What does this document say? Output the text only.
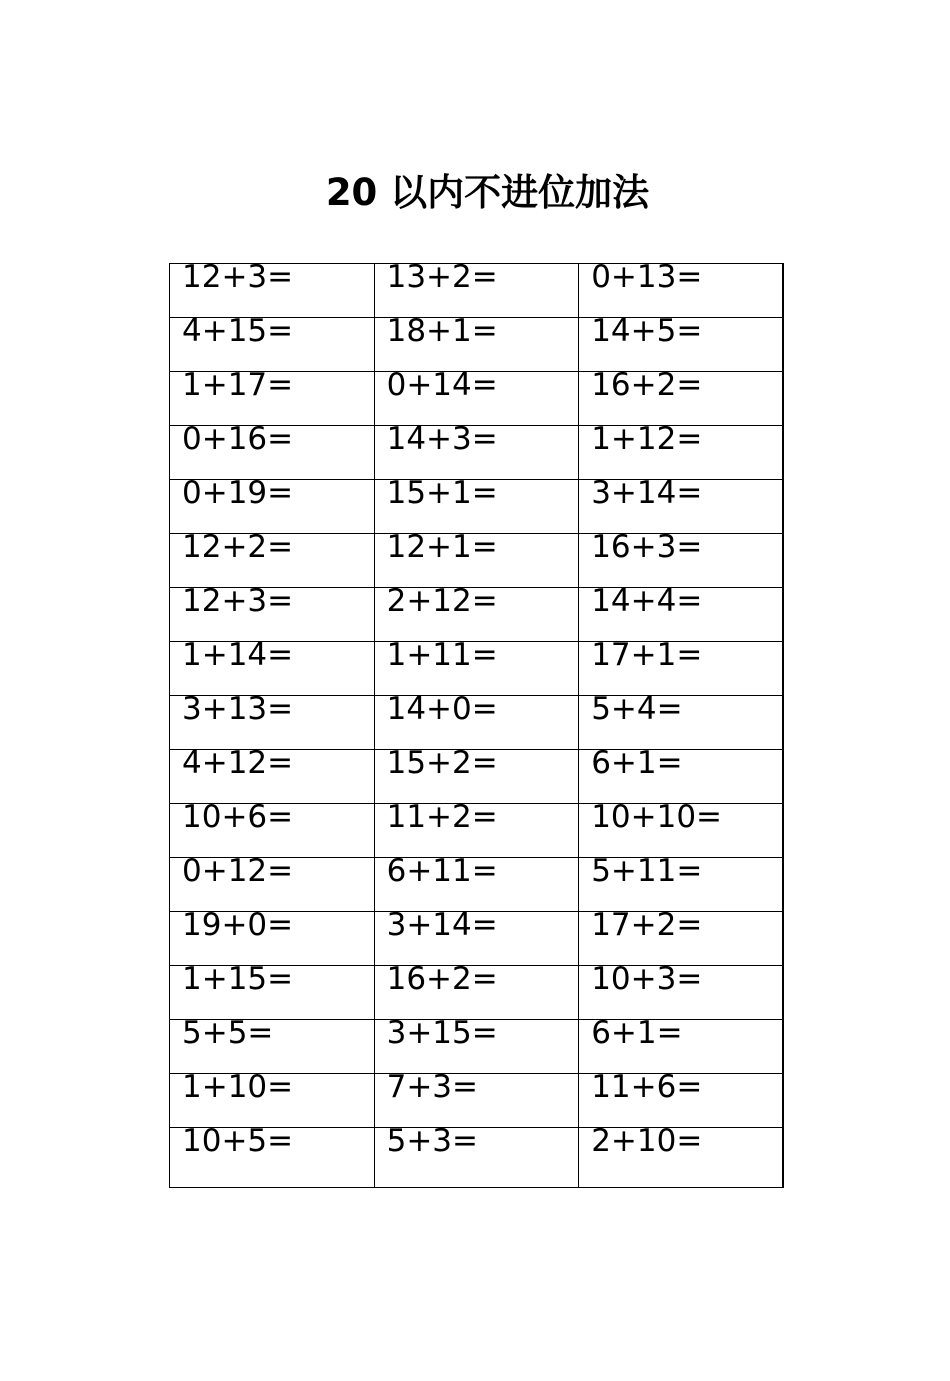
20 以内不进位加法
12+3=	13+2=	0+13=
4+15=	18+1=	14+5=
1+17=	0+14=	16+2=
0+16=	14+3=	1+12=
0+19=	15+1=	3+14=
12+2=	12+1=	16+3=
12+3=	2+12=	14+4=
1+14=	1+11=	17+1=
3+13=	14+0=	5+4=
4+12=	15+2=	6+1=
10+6=	11+2=	10+10=
0+12=	6+11=	5+11=
19+0=	3+14=	17+2=
1+15=	16+2=	10+3=
5+5=	3+15=	6+1=
1+10=	7+3=	11+6=
10+5=	5+3=	2+10=
